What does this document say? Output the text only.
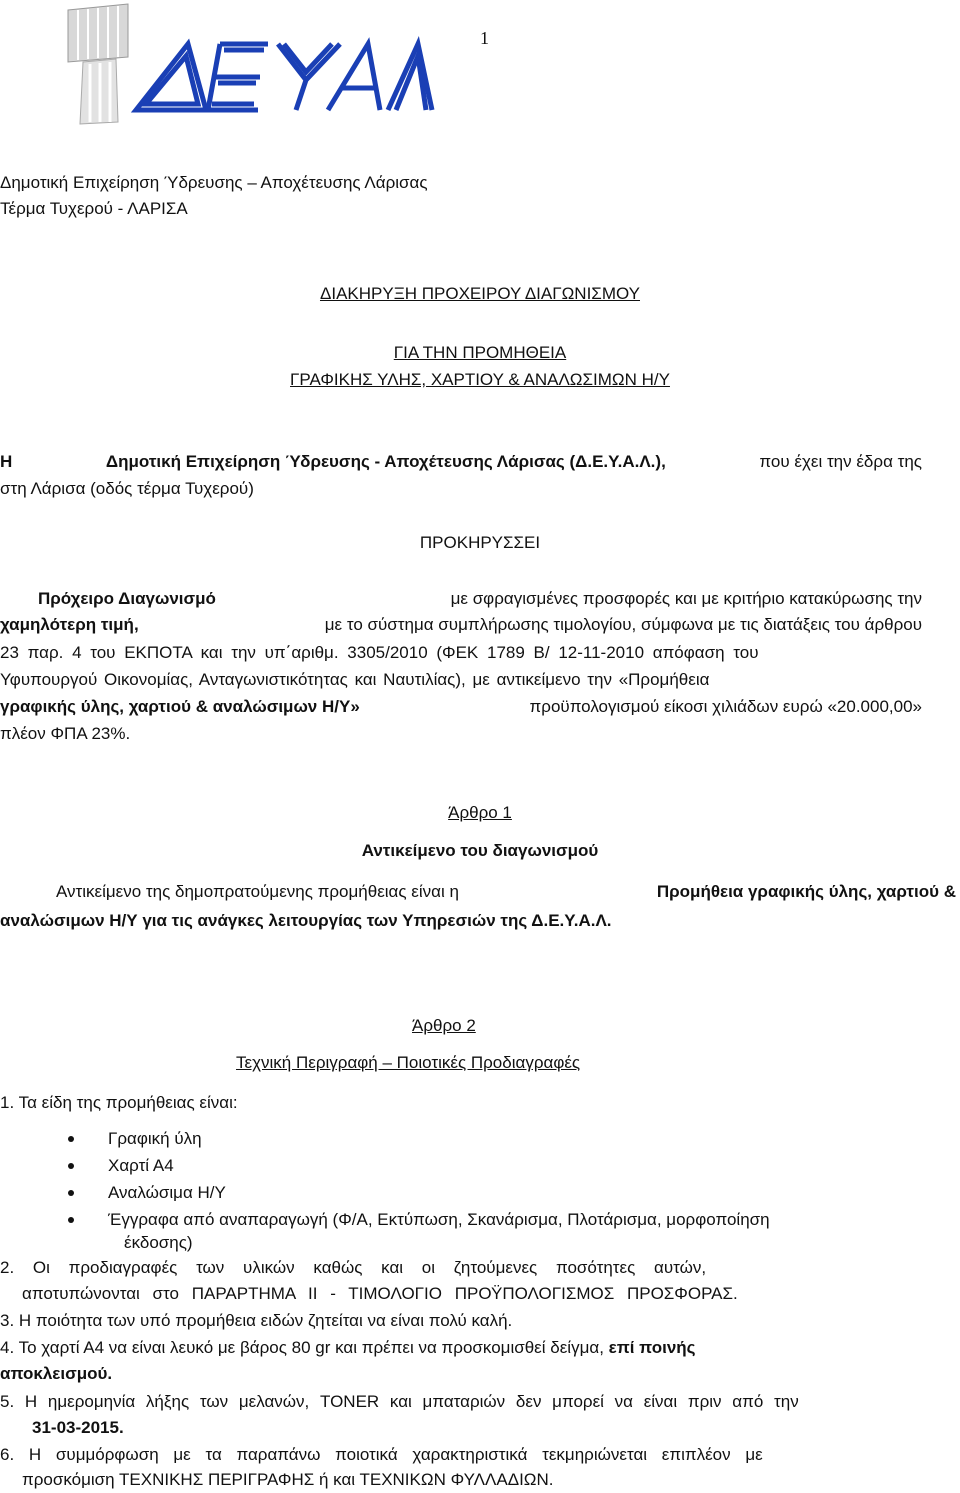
1
Δημοτική Επιχείρηση Ύδρευσης – Αποχέτευσης Λάρισας
Τέρμα Τυχερού - ΛΑΡΙΣΑ
ΔΙΑΚΗΡΥΞΗ ΠΡΟΧΕΙΡΟΥ ΔΙΑΓΩΝΙΣΜΟΥ
ΓΙΑ ΤΗΝ ΠΡΟΜΗΘΕΙΑ
ΓΡΑΦΙΚΗΣ ΥΛΗΣ, ΧΑΡΤΙΟΥ & ΑΝΑΛΩΣΙΜΩΝ Η/Υ
Η	Δημοτική Επιχείρηση Ύδρευσης - Αποχέτευσης Λάρισας (Δ.Ε.Υ.Α.Λ.),	που έχει την έδρα της
στη Λάρισα (οδός τέρμα Τυχερού)
ΠΡΟΚΗΡΥΣΣΕΙ
Πρόχειρο Διαγωνισμό	με σφραγισμένες προσφορές και με κριτήριο κατακύρωσης την
χαμηλότερη τιμή,	με το σύστημα συμπλήρωσης τιμολογίου, σύμφωνα με τις διατάξεις του άρθρου
23 παρ. 4 του ΕΚΠΟΤΑ και την υπ΄αριθμ. 3305/2010 (ΦΕΚ 1789 Β/ 12-11-2010 απόφαση του
Υφυπουργού Οικονομίας, Ανταγωνιστικότητας και Ναυτιλίας), με αντικείμενο την «Προμήθεια
γραφικής ύλης, χαρτιού & αναλώσιμων Η/Υ»	προϋπολογισμού είκοσι χιλιάδων ευρώ «20.000,00»
πλέον ΦΠΑ 23%.
Άρθρο 1
Αντικείμενο του διαγωνισμού
Αντικείμενο της δημοπρατούμενης προμήθειας είναι η	Προμήθεια γραφικής ύλης, χαρτιού &
αναλώσιμων Η/Υ για τις ανάγκες λειτουργίας των Υπηρεσιών της Δ.Ε.Υ.Α.Λ.
Άρθρο 2
Τεχνική Περιγραφή – Ποιοτικές Προδιαγραφές
1. Τα είδη της προμήθειας είναι:
Γραφική ύλη
Χαρτί Α4
Αναλώσιμα Η/Υ
Έγγραφα από αναπαραγωγή (Φ/Α, Εκτύπωση, Σκανάρισμα, Πλοτάρισμα, μορφοποίηση
έκδοσης)
2. Οι προδιαγραφές των υλικών καθώς και οι ζητούμενες ποσότητες αυτών,
αποτυπώνονται στο ΠΑΡΑΡΤΗΜΑ ΙΙ - ΤΙΜΟΛΟΓΙΟ ΠΡΟΫΠΟΛΟΓΙΣΜΟΣ ΠΡΟΣΦΟΡΑΣ.
3. Η ποιότητα των υπό προμήθεια ειδών ζητείται να είναι πολύ καλή.
4. Το χαρτί Α4 να είναι λευκό με βάρος 80 gr και πρέπει να προσκομισθεί δείγμα, επί ποινής
αποκλεισμού.
5. Η ημερομηνία λήξης των μελανών, TONER και μπαταριών δεν μπορεί να είναι πριν από την
31-03-2015.
6. Η συμμόρφωση με τα παραπάνω ποιοτικά χαρακτηριστικά τεκμηριώνεται επιπλέον με
προσκόμιση ΤΕΧΝΙΚΗΣ ΠΕΡΙΓΡΑΦΗΣ ή και ΤΕΧΝΙΚΩΝ ΦΥΛΛΑΔΙΩΝ.
